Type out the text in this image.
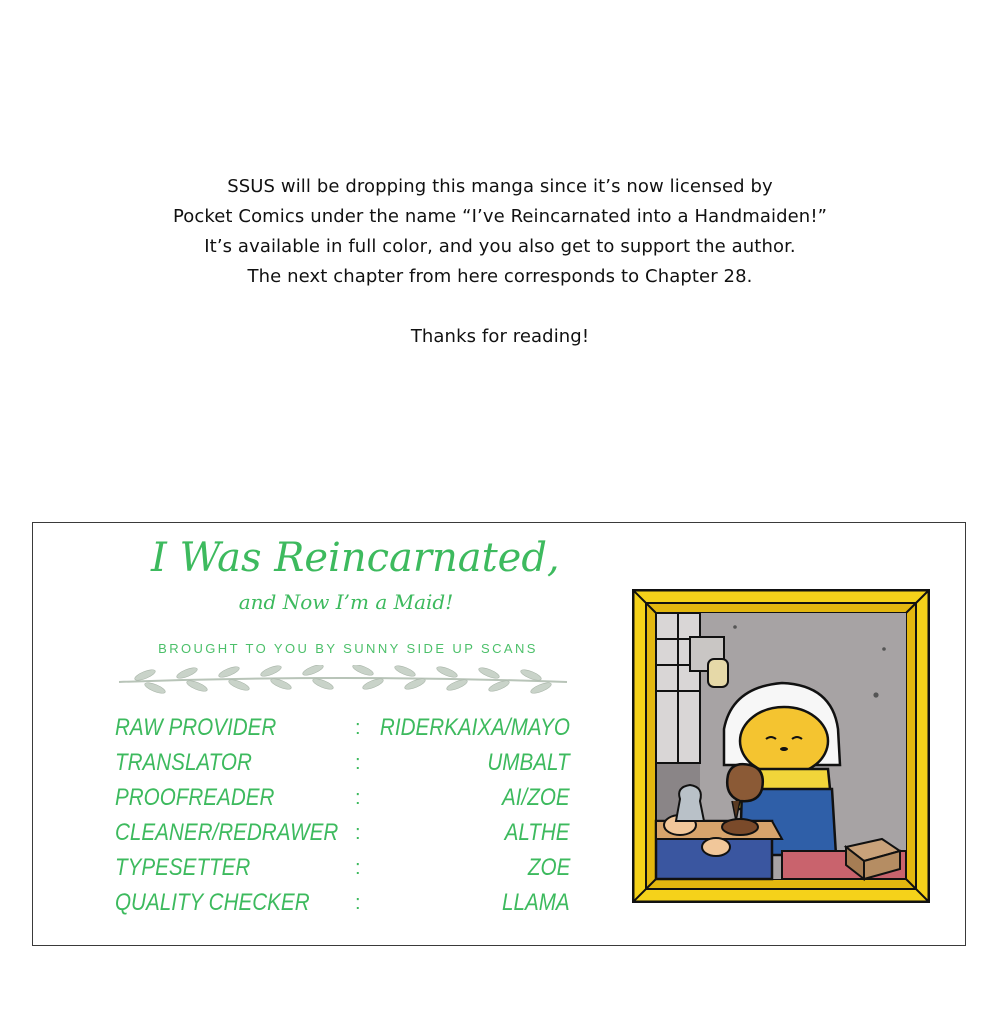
SSUS will be dropping this manga since it’s now licensed by
Pocket Comics under the name “I’ve Reincarnated into a Handmaiden!”
It’s available in full color, and you also get to support the author.
The next chapter from here corresponds to Chapter 28.
Thanks for reading!
I Was Reincarnated,
and Now I’m a Maid!
BROUGHT TO YOU BY SUNNY SIDE UP SCANS
RAW PROVIDER	: RIDERKAIXA/MAYO
TRANSLATOR	:	UMBALT
PROOFREADER	:	AI/ZOE
CLEANER/REDRAWER :	ALTHE
TYPESETTER	:	ZOE
QUALITY CHECKER :	LLAMA
